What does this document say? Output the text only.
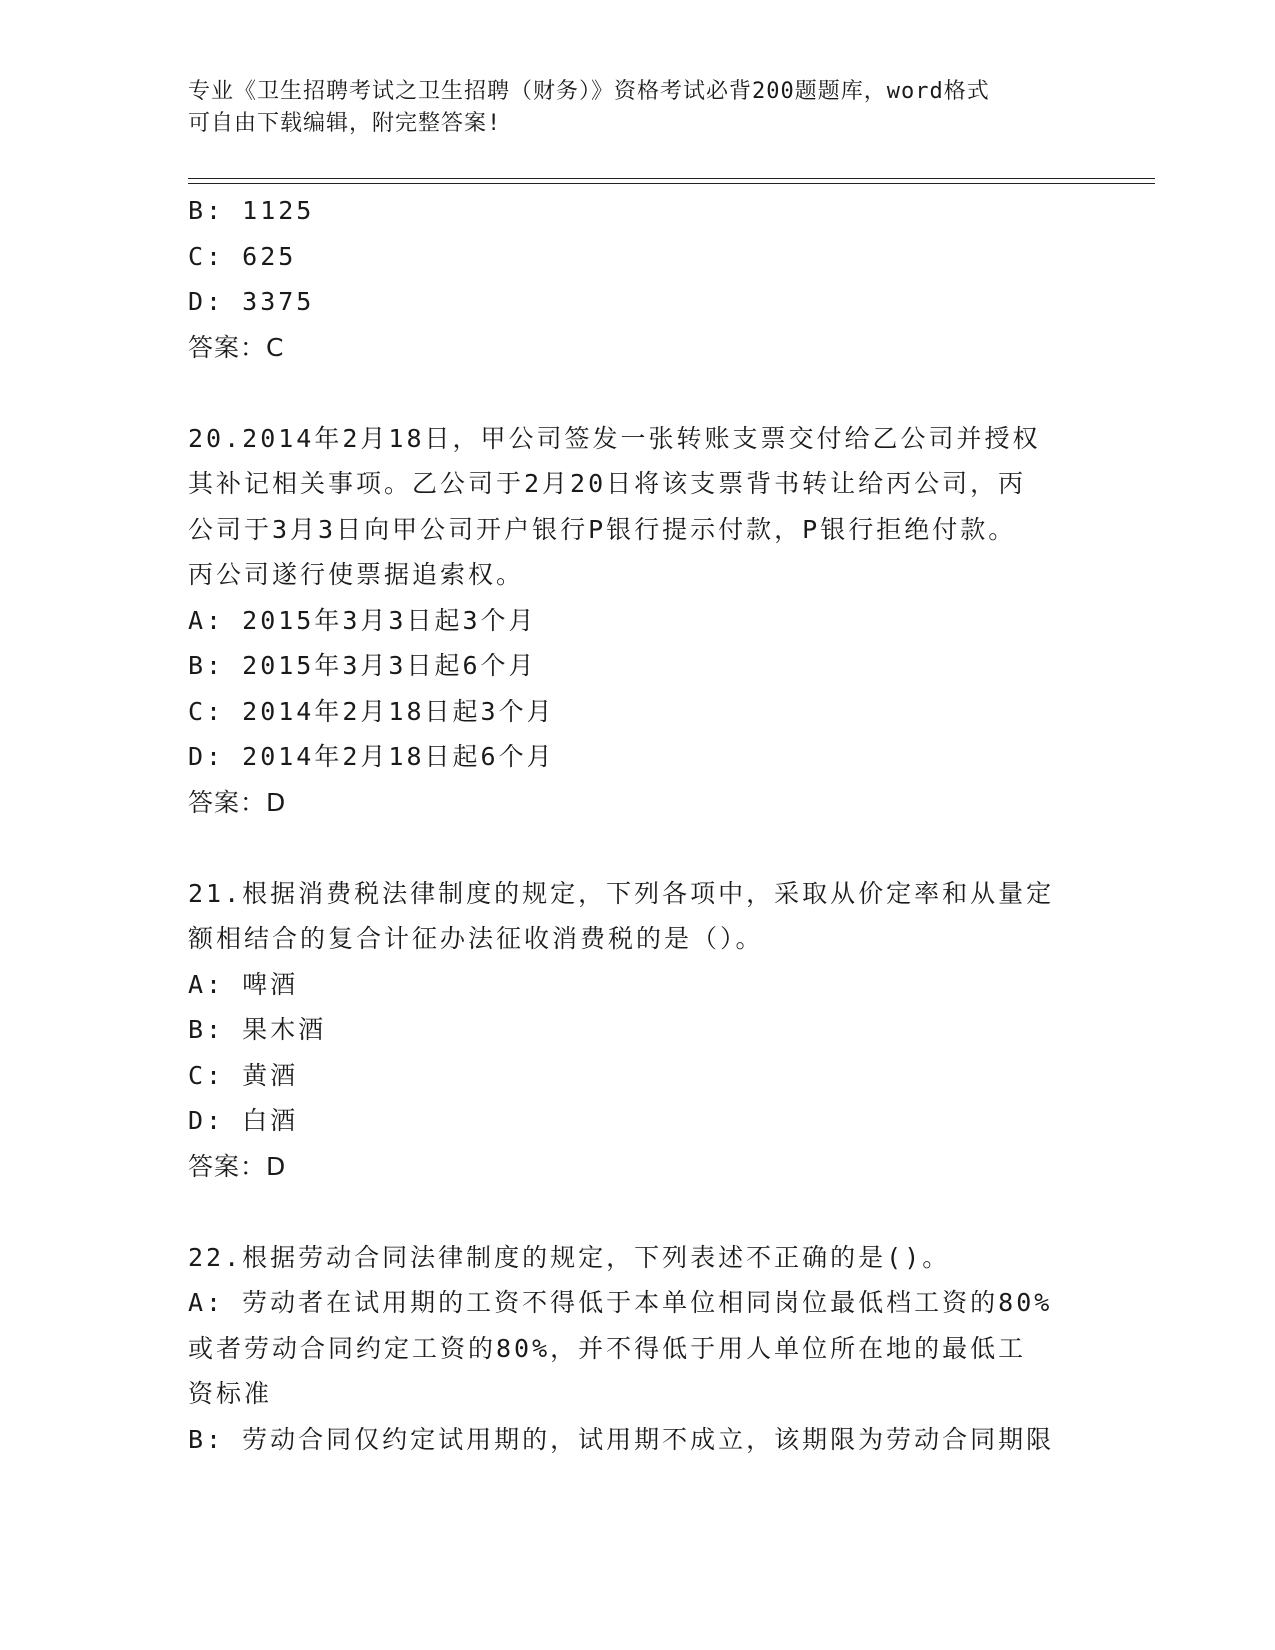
专业《卫生招聘考试之卫生招聘（财务）》资格考试必背200题题库，word格式
可自由下载编辑，附完整答案!
B: 1125
C: 625
D: 3375
答案：C
20.2014年2月18日，甲公司签发一张转账支票交付给乙公司并授权
其补记相关事项。乙公司于2月20日将该支票背书转让给丙公司，丙
公司于3月3日向甲公司开户银行P银行提示付款，P银行拒绝付款。
丙公司遂行使票据追索权。
A: 2015年3月3日起3个月
B: 2015年3月3日起6个月
C: 2014年2月18日起3个月
D: 2014年2月18日起6个月
答案：D
21.根据消费税法律制度的规定，下列各项中，采取从价定率和从量定
额相结合的复合计征办法征收消费税的是（）。
A: 啤酒
B: 果木酒
C: 黄酒
D: 白酒
答案：D
22.根据劳动合同法律制度的规定，下列表述不正确的是()。
A: 劳动者在试用期的工资不得低于本单位相同岗位最低档工资的80%
或者劳动合同约定工资的80%，并不得低于用人单位所在地的最低工
资标准
B: 劳动合同仅约定试用期的，试用期不成立，该期限为劳动合同期限
